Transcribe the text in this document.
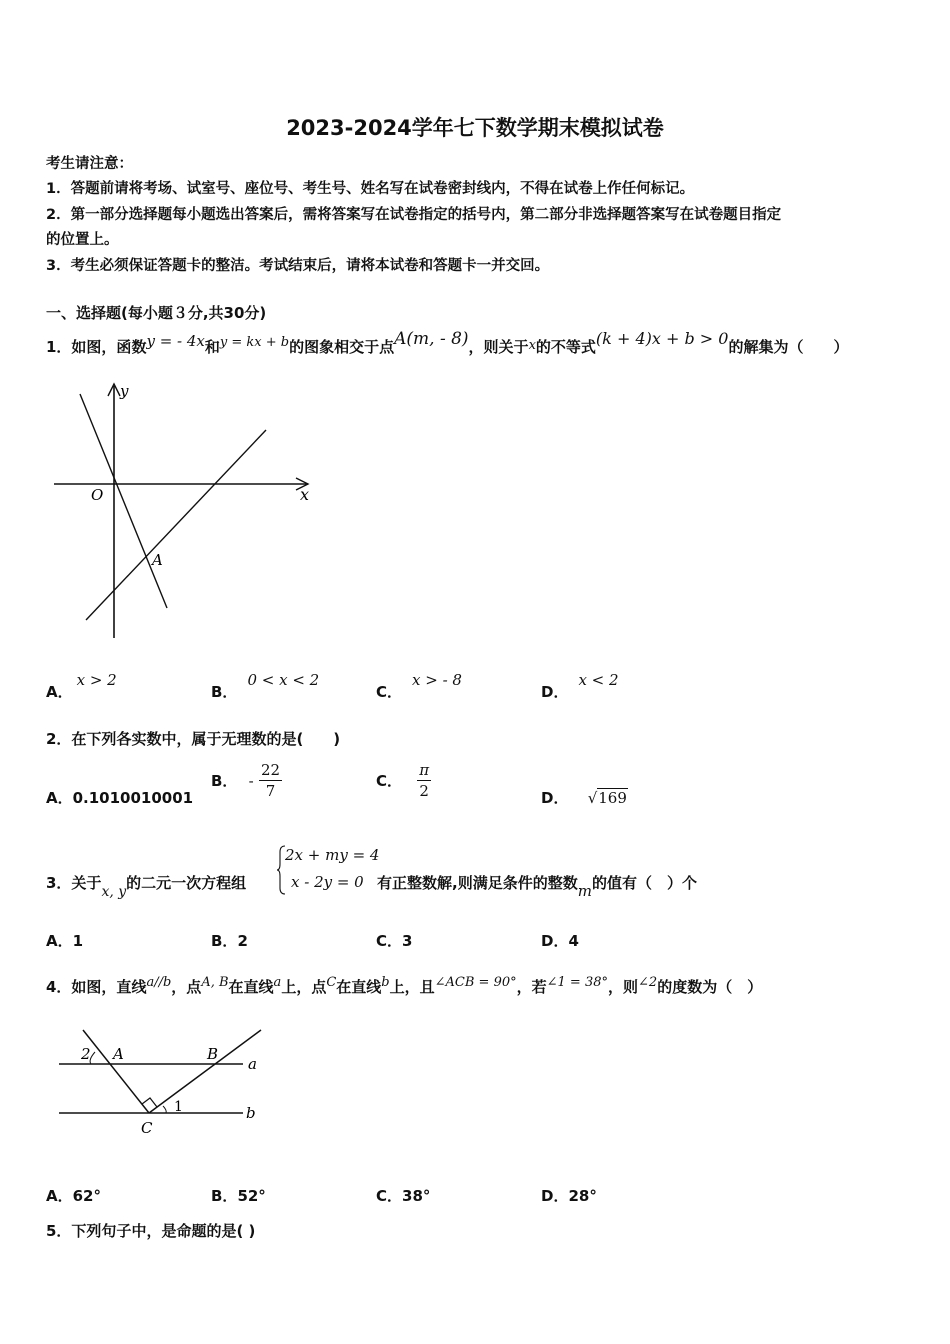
2023-2024学年七下数学期末模拟试卷
考生请注意：
1．答题前请将考场、试室号、座位号、考生号、姓名写在试卷密封线内，不得在试卷上作任何标记。
2．第一部分选择题每小题选出答案后，需将答案写在试卷指定的括号内，第二部分非选择题答案写在试卷题目指定
的位置上。
3．考生必须保证答题卡的整洁。考试结束后，请将本试卷和答题卡一并交回。
一、选择题(每小题３分,共30分)
1．如图，函数y = - 4x和y = kx + b的图象相交于点A(m, - 8)，则关于x的不等式(k + 4)x + b > 0的解集为（　　）
y
x
O
A
A．x > 2
B．0 < x < 2
C．x > - 8
D．x < 2
2．在下列各实数中，属于无理数的是(　　)
A．0.1010010001
B． - $\frac{22}{7}$	C． $\frac{\pi}{2}$	D． √169
3．关于x, y的二元一次方程组
2x + my = 4
x - 2y = 0 有正整数解,则满足条件的整数m的值有（　）个
A．1	B．2	C．3	D．4
4．如图，直线a//b，点A, B在直线a上，点C在直线b上，且∠ACB = 90°，若∠1 = 38°，则∠2的度数为（　）
2 A	B
a
b
1
C
A．62°	B．52°	C．38°	D．28°
5．下列句子中，是命题的是( )
